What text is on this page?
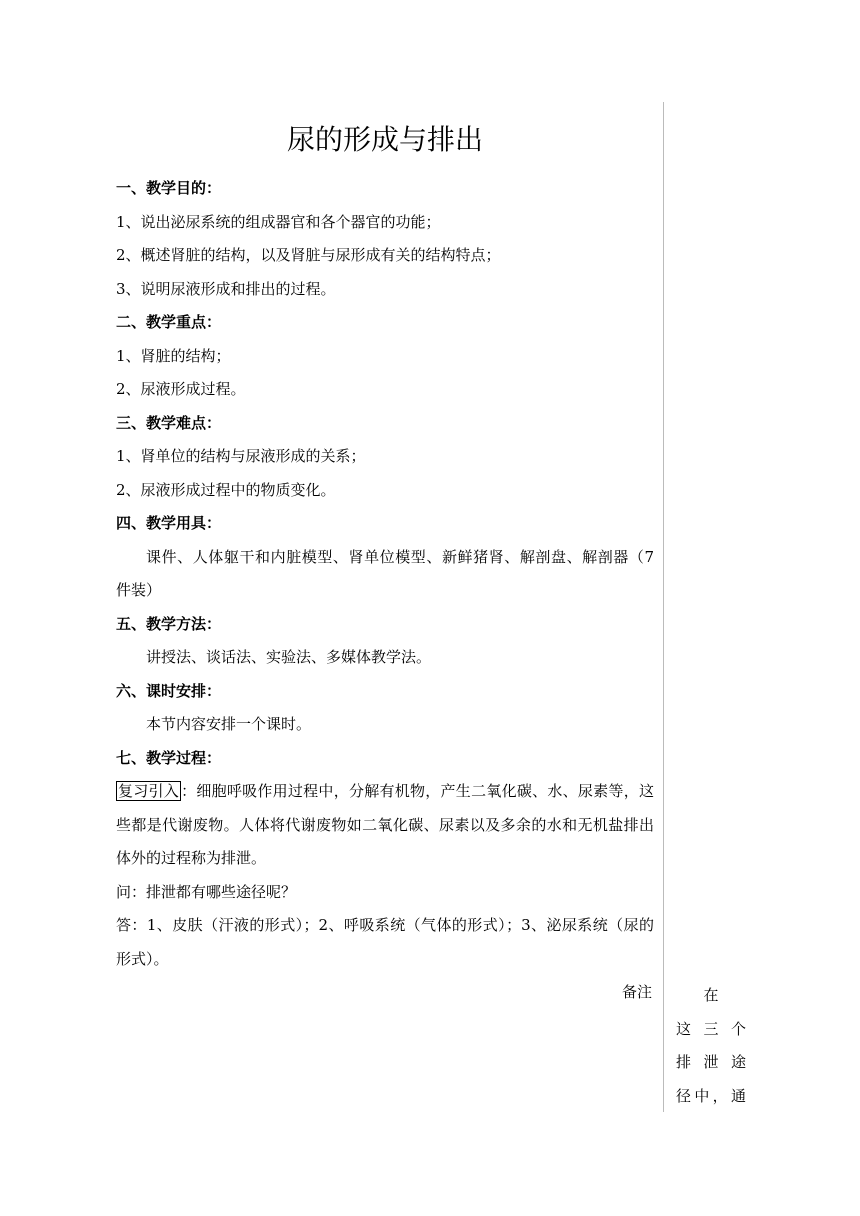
尿的形成与排出

一、教学目的：

1、说出泌尿系统的组成器官和各个器官的功能；

2、概述肾脏的结构，以及肾脏与尿形成有关的结构特点；

3、说明尿液形成和排出的过程。

二、教学重点：

1、肾脏的结构；

2、尿液形成过程。

三、教学难点：

1、肾单位的结构与尿液形成的关系；

2、尿液形成过程中的物质变化。

四、教学用具：

课件、人体躯干和内脏模型、肾单位模型、新鲜猪肾、解剖盘、解剖器（7 件装）

五、教学方法：

讲授法、谈话法、实验法、多媒体教学法。

六、课时安排：

本节内容安排一个课时。

七、教学过程：

复习引入 ：细胞呼吸作用过程中，分解有机物，产生二氧化碳、水、尿素等，这些都是代谢废物。人体将代谢废物如二氧化碳、尿素以及多余的水和无机盐排出体外的过程称为排泄。

问：排泄都有哪些途径呢？

答：1、皮肤（汗液的形式）；2、呼吸系统（气体的形式）；3、泌尿系统（尿的形式）。

备注	在

这 三 个

排 泄 途

径中，通
